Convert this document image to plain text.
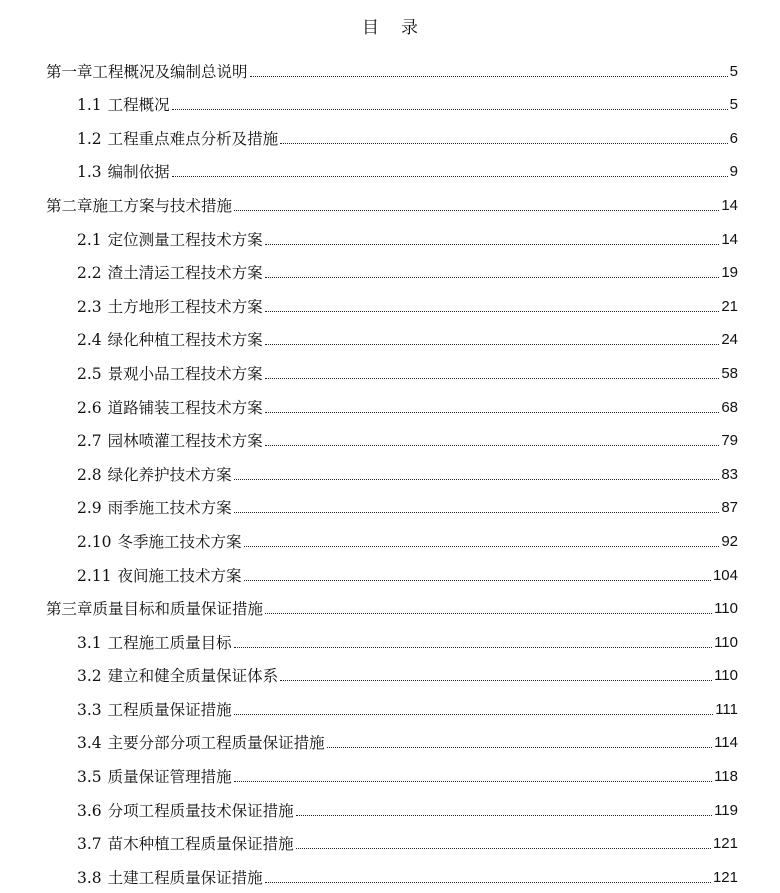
目录
第一章工程概况及编制总说明	5
1.1 工程概况	5
1.2 工程重点难点分析及措施	6
1.3 编制依据	9
第二章施工方案与技术措施	14
2.1 定位测量工程技术方案	14
2.2 渣土清运工程技术方案	19
2.3 土方地形工程技术方案	21
2.4 绿化种植工程技术方案	24
2.5 景观小品工程技术方案	58
2.6 道路铺装工程技术方案	68
2.7 园林喷灌工程技术方案	79
2.8 绿化养护技术方案	83
2.9 雨季施工技术方案	87
2.10 冬季施工技术方案	92
2.11 夜间施工技术方案	104
第三章质量目标和质量保证措施	110
3.1 工程施工质量目标	110
3.2 建立和健全质量保证体系	110
3.3 工程质量保证措施	111
3.4 主要分部分项工程质量保证措施	114
3.5 质量保证管理措施	118
3.6 分项工程质量技术保证措施	119
3.7 苗木种植工程质量保证措施	121
3.8 土建工程质量保证措施	121
